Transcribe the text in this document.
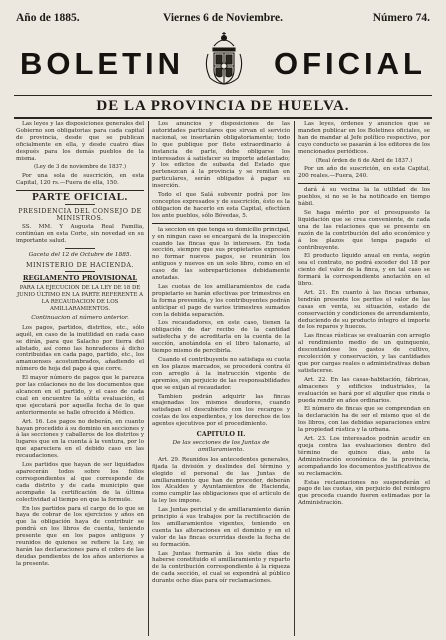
Año de 1885.	Viernes 6 de Noviembre.	Número 74.
BOLETIN	OFICIAL
DE LA PROVINCIA DE HUELVA.

Las leyes y las disposiciones generales del Gobierno son obligatorias para cada capital de provincia, desde que se publican oficialmente en ella, y desde cuatro días después para los demás pueblos de la misma.

(Ley de 3 de noviembre de 1837.)

Por una sola de suscrición, en esta Capital, 120 rs.—Fuera de ella, 150.

PARTE OFICIAL.
PRESIDENCIA DEL CONSEJO DE MINISTROS.

SS. MM. Y Augusta Real Familia, continúan en esta Corte, sin novedad en su importante salud.

Gaceta del 12 de Octubre de 1885.
MINISTERIO DE HACIENDA.
REGLAMENTO PROVISIONAL
PARA LA EJECUCION DE LA LEY DE 18 DE JUNIO ÚLTIMO EN LA PARTE REFERENTE A LA RECAUDACION DE LOS AMILLARAMIENTOS.
Continuacion al número anterior.

Los pagos, partidos, distritos, etc., sólo aquél, en caso de la inutilidad en cada caso se dirán, para que Salacho por tierra del alistado, así como las honradeces á dicho contribuidas en cada pago, partido, etc., los amanuenses acostumbrados, añadiendo el número de hoja del pago á que corre.

El mayor número de pagos que le parezca por las colaciones no de los documentos que alcancen en el partido, y el caso de cada cual en encuentre la sólita evaluación, el que ejecutará por aquella fecha de lo que anteriormente se halle ofrecido á Médico.

Art. 16. Los pagos no deberán, en cuanto hayan procedido á su dominio en secciones y á las secciones y caballeros de los distritos y lugares que en la cuenta á la ventura, por lo que apareciera en el debido caso en las recaudaciones.

Los partidos que hayan de ser liquidados aparecerán todos sobre los folios correspondientes al que corresponde de cada distrito y de cada municipio que acompañe la certificación de la última colectividad al tiempo en que la formule.

En los partidos para el cargo de lo que se haya de cobrar de los ejercicios y años en que la obligación haya de contribuir se pondrá en los libros de cuenta, teniendo presente que en los pagos antiguos y reunidos de quienes se refiere la Ley, se harán las declaraciones para el cobro de las deudas pendientes de los años anteriores a la presente.

Los anuncios y disposiciones de las autoridades particulares que sirvan el servicio nacional, se insertarán obligatoriamente; todo lo que publique por flete extraordinario á instancia de parte, debe obligarse los interesados á satisfacer su importe adelantado; y los edictos de subasta del Estado que pertenezcan á la provincia y se remitan en particulares, serán obligados á pagar su inserción.

Todo el que Salá subvenir podrá por los conceptos expresados y de suscrición, ésto es la obligacion de hacerlo en esta Capital, efectúen los ante pueblos, sólo Bóvedas, 5.

la seccion en que tenga su domicilio principal, y en ningun caso se encargará de la inspección cuando las fincas que lo interesen. En toda sección, siempre que sus propietarios expresen no formar nuevos pagos, se reunirán los antiguos y nuevos en un solo libro, como en el caso de las sobreparticiones debidamente anotadas.

Las cuotas de los amillaramientos de cada propietario se harán efectivas por trimestres en la forma prevenida, y los contribuyentes podrán anticipar el pago de varios trimestres sumados con la debida separación.

Los recaudadores, en este caso, tienen la obligación de dar recibo de la cantidad satisfecha y de acreditarla en la cuenta de la sección, anotándola en el libro talonario, al tiempo mismo de percibirla.

Cuando el contribuyente no satisfaga su cuota en los plazos marcados, se procederá contra él con arreglo á la instrucción vigente de apremios, sin perjuicio de las responsabilidades que se exijan al recaudador.

Tambien podrán adquirir las fincas enajenadas los mismos deudores, cuando satisfagan el descubierto con los recargos y costas de los expedientes, y los derechos de los agentes ejecutivos por el procedimiento.

CAPITULO II.
De las secciones de los Juntas de amillaramiento.

Art. 29. Reunidos los antecedentes generales, fijada la división y deslindes del término y elegido el personal de las Juntas de amillaramiento que han de proceder, deberán los Alcaldes y Ayuntamientos de Hacienda, como cumplir las obligaciones que el artículo de la ley les impone.

Las Juntas pericial y de amillaramiento darán principio á sus trabajos por la rectificación de los amillaramientos vigentes, teniendo en cuenta las alteraciones en el dominio y en el valor de las fincas ocurridas desde la fecha de su formación.

Las Juntas formarán á los siete días de haberse constituido el amillaramiento y reparto de la contribución correspondiente á la riqueza de cada sección, el cual se expondrá al público durante ocho días para oír reclamaciones.

Las leyes, órdenes y anuncios que se manden publicar en los Boletines oficiales, se han de mandar al Jefe político respectivo, por cuyo conducto se pasarán á los editores de los mencionados periódicos.

(Real órden de 6 de Abril de 1837.)

Por un año de suscrición, en esta Capital, 200 reales.—Fuera, 240.

dará á su vecina la la utilidad de los pueblos, si no se le ha notificado en tiempo hábil.

Se haga mérito por el presupuesto la liquidación que se crea conveniente, de cada una de las relaciones que se presente en razón de la contribución del año económico y á los plazos que tenga pagado el contribuyente.

El producto líquido anual en renta, según sea el contrato, no podrá exceder del 18 por ciento del valor de la finca, y en tal caso se formará la correspondiente anotación en el libro.

Art. 21. En cuanto á las fincas urbanas, tendrán presente los peritos el valor de las casas en venta, su situación, estado de conservación y condiciones de arrendamiento, deduciendo de su producto íntegro el importe de los reparos y huecos.

Las fincas rústicas se evaluarán con arreglo al rendimiento medio de un quinquenio, descontándose los gastos de cultivo, recolección y conservación, y las cantidades que por cargas reales o administrativas deban satisfacerse.

Art. 22. En las casas-habitación, fábricas, almacenes y edificios industriales, la evaluación se hará por el alquiler que rinda o pueda rendir en años ordinarios.

El número de fincas que se comprendan en la declaración ha de ser el mismo que el de los libros, con las debidas separaciones entre la propiedad rústica y la urbana.

Art. 23. Los interesados podrán acudir en queja contra las evaluaciones dentro del término de quince días, ante la Administración económica de la provincia, acompañando los documentos justificativos de su reclamación.

Estas reclamaciones no suspenderán el pago de las cuotas, sin perjuicio del reintegro que proceda cuando fueren estimadas por la Administración.
